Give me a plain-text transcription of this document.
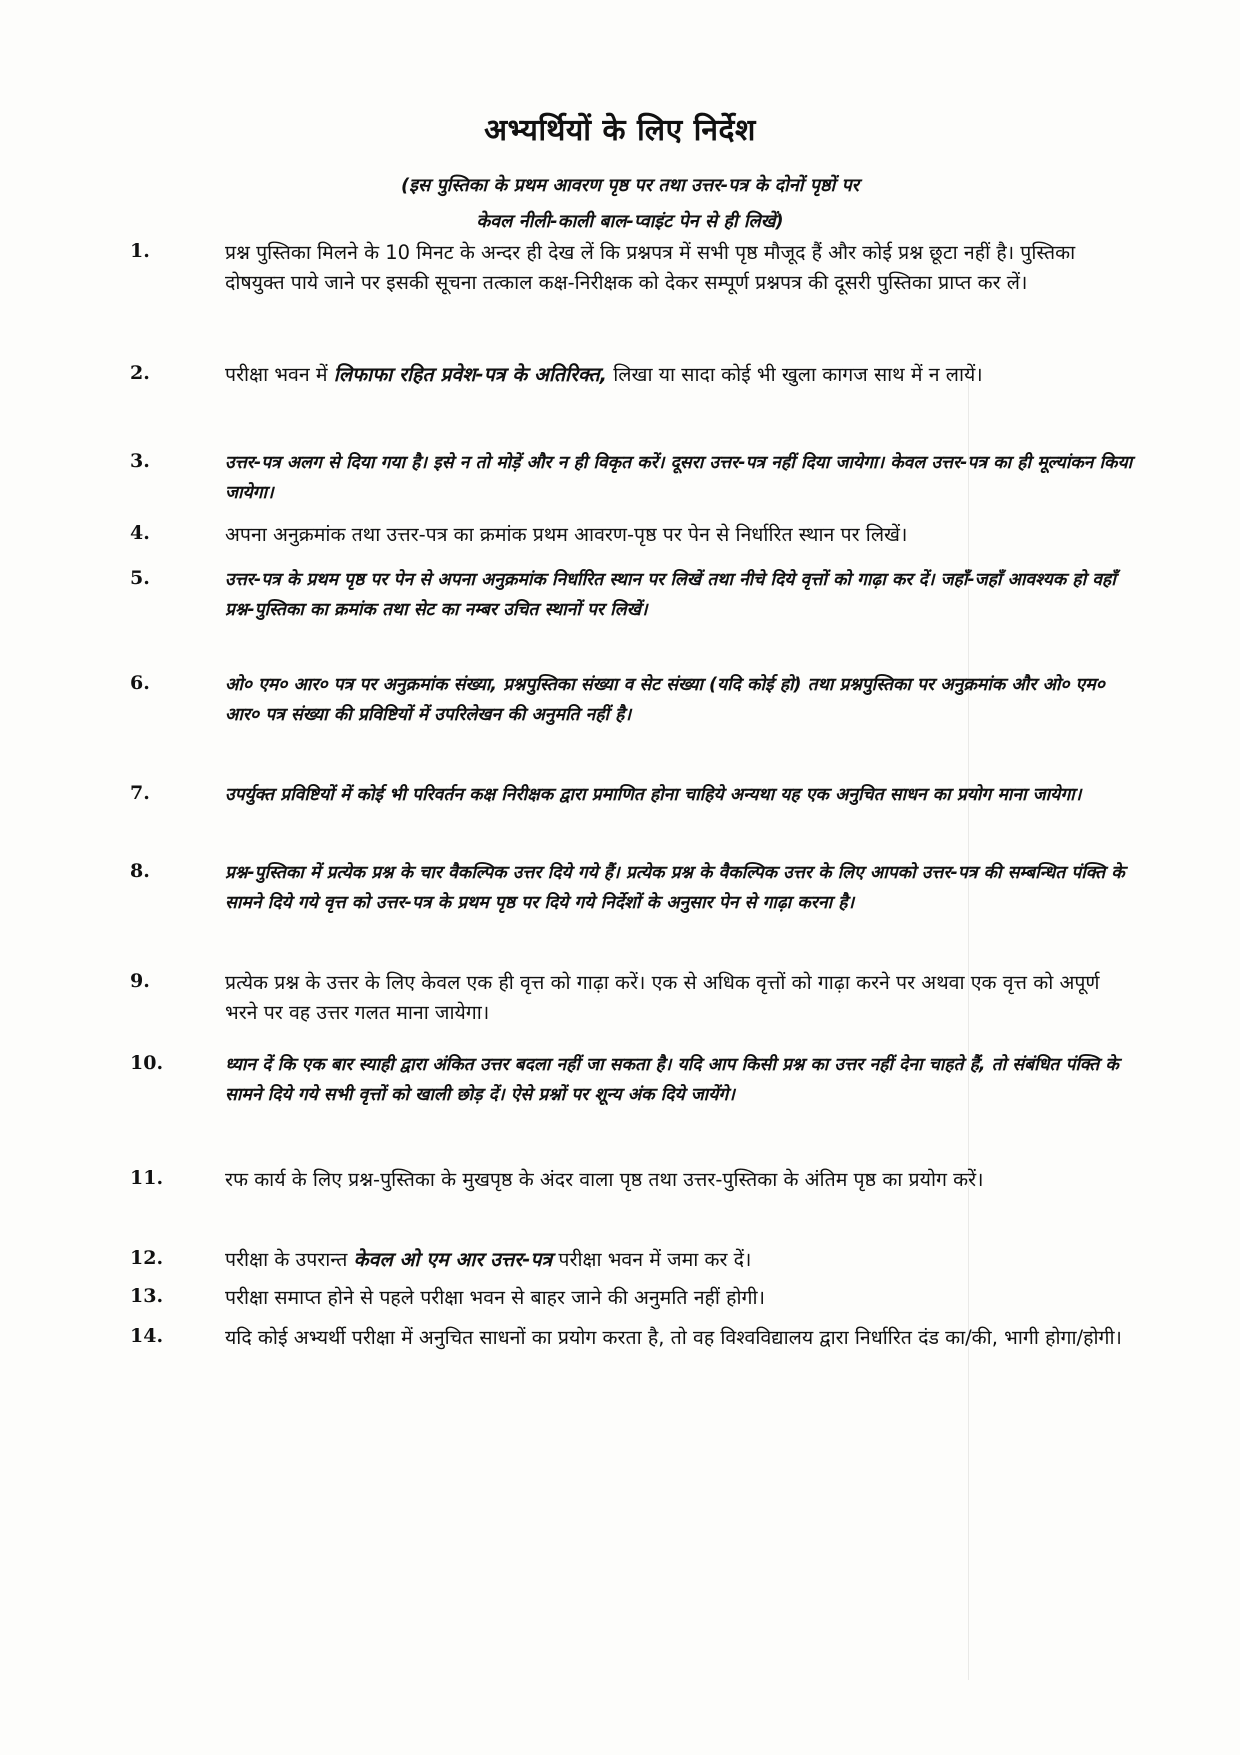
अभ्यर्थियों के लिए निर्देश
(इस पुस्तिका के प्रथम आवरण पृष्ठ पर तथा उत्तर-पत्र के दोनों पृष्ठों पर
केवल नीली-काली बाल-प्वाइंट पेन से ही लिखें)
1.	प्रश्न पुस्तिका मिलने के 10 मिनट के अन्दर ही देख लें कि प्रश्नपत्र में सभी पृष्ठ मौजूद हैं और कोई प्रश्न छूटा नहीं है। पुस्तिका दोषयुक्त पाये जाने पर इसकी सूचना तत्काल कक्ष-निरीक्षक को देकर सम्पूर्ण प्रश्नपत्र की दूसरी पुस्तिका प्राप्त कर लें।
2.	परीक्षा भवन में लिफाफा रहित प्रवेश-पत्र के अतिरिक्त, लिखा या सादा कोई भी खुला कागज साथ में न लायें।
3.	उत्तर-पत्र अलग से दिया गया है। इसे न तो मोड़ें और न ही विकृत करें। दूसरा उत्तर-पत्र नहीं दिया जायेगा। केवल उत्तर-पत्र का ही मूल्यांकन किया जायेगा।
4.	अपना अनुक्रमांक तथा उत्तर-पत्र का क्रमांक प्रथम आवरण-पृष्ठ पर पेन से निर्धारित स्थान पर लिखें।
5.	उत्तर-पत्र के प्रथम पृष्ठ पर पेन से अपना अनुक्रमांक निर्धारित स्थान पर लिखें तथा नीचे दिये वृत्तों को गाढ़ा कर दें। जहाँ-जहाँ आवश्यक हो वहाँ प्रश्न-पुस्तिका का क्रमांक तथा सेट का नम्बर उचित स्थानों पर लिखें।
6.	ओ० एम० आर० पत्र पर अनुक्रमांक संख्या, प्रश्नपुस्तिका संख्या व सेट संख्या (यदि कोई हो) तथा प्रश्नपुस्तिका पर अनुक्रमांक और ओ० एम० आर० पत्र संख्या की प्रविष्टियों में उपरिलेखन की अनुमति नहीं है।
7.	उपर्युक्त प्रविष्टियों में कोई भी परिवर्तन कक्ष निरीक्षक द्वारा प्रमाणित होना चाहिये अन्यथा यह एक अनुचित साधन का प्रयोग माना जायेगा।
8.	प्रश्न-पुस्तिका में प्रत्येक प्रश्न के चार वैकल्पिक उत्तर दिये गये हैं। प्रत्येक प्रश्न के वैकल्पिक उत्तर के लिए आपको उत्तर-पत्र की सम्बन्धित पंक्ति के सामने दिये गये वृत्त को उत्तर-पत्र के प्रथम पृष्ठ पर दिये गये निर्देशों के अनुसार पेन से गाढ़ा करना है।
9.	प्रत्येक प्रश्न के उत्तर के लिए केवल एक ही वृत्त को गाढ़ा करें। एक से अधिक वृत्तों को गाढ़ा करने पर अथवा एक वृत्त को अपूर्ण भरने पर वह उत्तर गलत माना जायेगा।
10.	ध्यान दें कि एक बार स्याही द्वारा अंकित उत्तर बदला नहीं जा सकता है। यदि आप किसी प्रश्न का उत्तर नहीं देना चाहते हैं, तो संबंधित पंक्ति के सामने दिये गये सभी वृत्तों को खाली छोड़ दें। ऐसे प्रश्नों पर शून्य अंक दिये जायेंगे।
11.	रफ कार्य के लिए प्रश्न-पुस्तिका के मुखपृष्ठ के अंदर वाला पृष्ठ तथा उत्तर-पुस्तिका के अंतिम पृष्ठ का प्रयोग करें।
12.	परीक्षा के उपरान्त केवल ओ एम आर उत्तर-पत्र परीक्षा भवन में जमा कर दें।
13.	परीक्षा समाप्त होने से पहले परीक्षा भवन से बाहर जाने की अनुमति नहीं होगी।
14.	यदि कोई अभ्यर्थी परीक्षा में अनुचित साधनों का प्रयोग करता है, तो वह विश्वविद्यालय द्वारा निर्धारित दंड का/की, भागी होगा/होगी।
